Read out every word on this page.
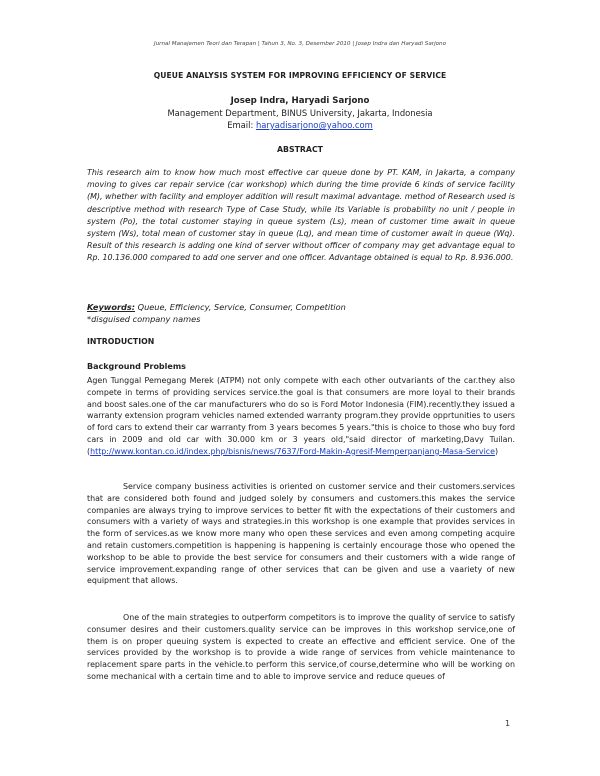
Jurnal Manajemen Teori dan Terapan | Tahun 3, No. 3, Desember 2010 | Josep Indra dan Haryadi Sarjono
QUEUE ANALYSIS SYSTEM FOR IMPROVING EFFICIENCY OF SERVICE
Josep Indra, Haryadi Sarjono
Management Department, BINUS University, Jakarta, Indonesia
Email: haryadisarjono@yahoo.com
ABSTRACT
This research aim to know how much most effective car queue done by PT. KAM, in Jakarta, a company moving to gives car repair service (car workshop) which during the time provide 6 kinds of service facility (M), whether with facility and employer addition will result maximal advantage. method of Research used is descriptive method with research Type of Case Study, while its Variable is probability no unit / people in system (Po), the total customer staying in queue system (Ls), mean of customer time await in queue system (Ws), total mean of customer stay in queue (Lq), and mean time of customer await in queue (Wq). Result of this research is adding one kind of server without officer of company may get advantage equal to Rp. 10.136.000 compared to add one server and one officer. Advantage obtained is equal to Rp. 8.936.000.
Keywords: Queue, Efficiency, Service, Consumer, Competition
*disguised company names
INTRODUCTION
Background Problems
Agen Tunggal Pemegang Merek (ATPM) not only compete with each other outvariants of the car.they also compete in terms of providing services service.the goal is that consumers are more loyal to their brands and boost sales.one of the car manufacturers who do so is Ford Motor Indonesia (FIM).recently.they issued a warranty extension program vehicles named extended warranty program.they provide opprtunities to users of ford cars to extend their car warranty from 3 years becomes 5 years."this is choice to those who buy ford cars in 2009 and old car with 30.000 km or 3 years old,"said director of marketing,Davy Tuilan. (http://www.kontan.co.id/index.php/bisnis/news/7637/Ford-Makin-Agresif-Memperpanjang-Masa-Service)
Service company business activities is oriented on customer service and their customers.services that are considered both found and judged solely by consumers and customers.this makes the service companies are always trying to improve services to better fit with the expectations of their customers and consumers with a variety of ways and strategies.in this workshop is one example that provides services in the form of services.as we know more many who open these services and even among competing acquire and retain customers.competition is happening is happening is certainly encourage those who opened the workshop to be able to provide the best service for consumers and their customers with a wide range of service improvement.expanding range of other services that can be given and use a vaariety of new equipment that allows.
One of the main strategies to outperform competitors is to improve the quality of service to satisfy consumer desires and their customers.quality service can be improves in this workshop service,one of them is on proper queuing system is expected to create an effective and efficient service. One of the services provided by the workshop is to provide a wide range of services from vehicle maintenance to replacement spare parts in the vehicle.to perform this service,of course,determine who will be working on some mechanical with a certain time and to able to improve service and reduce queues of
1
